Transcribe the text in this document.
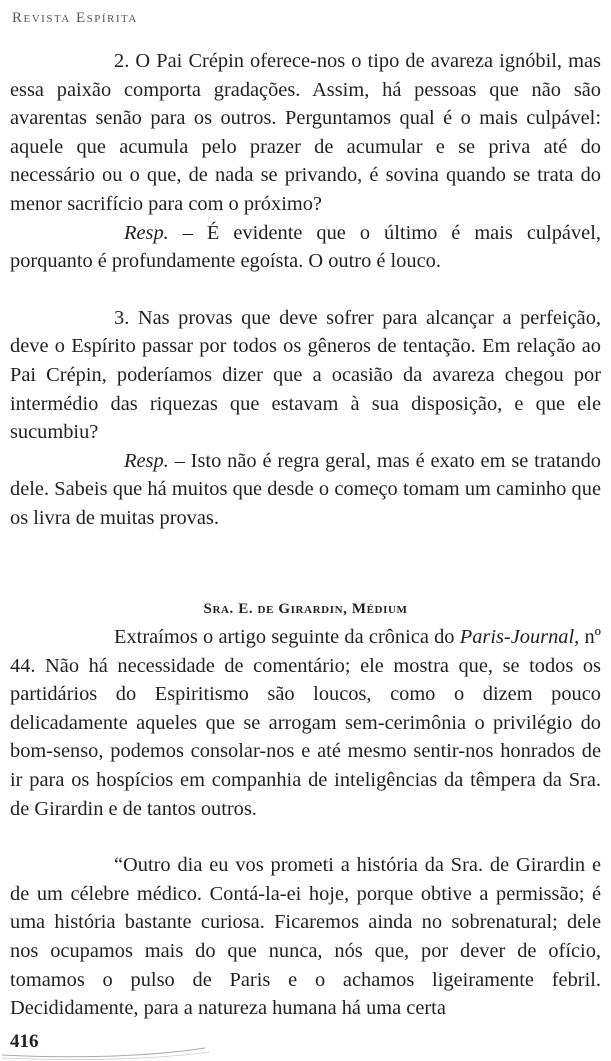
Revista Espírita

2. O Pai Crépin oferece-nos o tipo de avareza ignóbil, mas essa paixão comporta gradações. Assim, há pessoas que não são avarentas senão para os outros. Perguntamos qual é o mais culpável: aquele que acumula pelo prazer de acumular e se priva até do necessário ou o que, de nada se privando, é sovina quando se trata do menor sacrifício para com o próximo?

Resp. – É evidente que o último é mais culpável, porquanto é profundamente egoísta. O outro é louco.

3. Nas provas que deve sofrer para alcançar a perfeição, deve o Espírito passar por todos os gêneros de tentação. Em relação ao Pai Crépin, poderíamos dizer que a ocasião da avareza chegou por intermédio das riquezas que estavam à sua disposição, e que ele sucumbiu?

Resp. – Isto não é regra geral, mas é exato em se tratando dele. Sabeis que há muitos que desde o começo tomam um caminho que os livra de muitas provas.

Sra. E. de Girardin, Médium

Extraímos o artigo seguinte da crônica do Paris-Journal, nº 44. Não há necessidade de comentário; ele mostra que, se todos os partidários do Espiritismo são loucos, como o dizem pouco delicadamente aqueles que se arrogam sem-cerimônia o privilégio do bom-senso, podemos consolar-nos e até mesmo sentir-nos honrados de ir para os hospícios em companhia de inteligências da têmpera da Sra. de Girardin e de tantos outros.

“Outro dia eu vos prometi a história da Sra. de Girardin e de um célebre médico. Contá-la-ei hoje, porque obtive a permissão; é uma história bastante curiosa. Ficaremos ainda no sobrenatural; dele nos ocupamos mais do que nunca, nós que, por dever de ofício, tomamos o pulso de Paris e o achamos ligeiramente febril. Decididamente, para a natureza humana há uma certa

416
